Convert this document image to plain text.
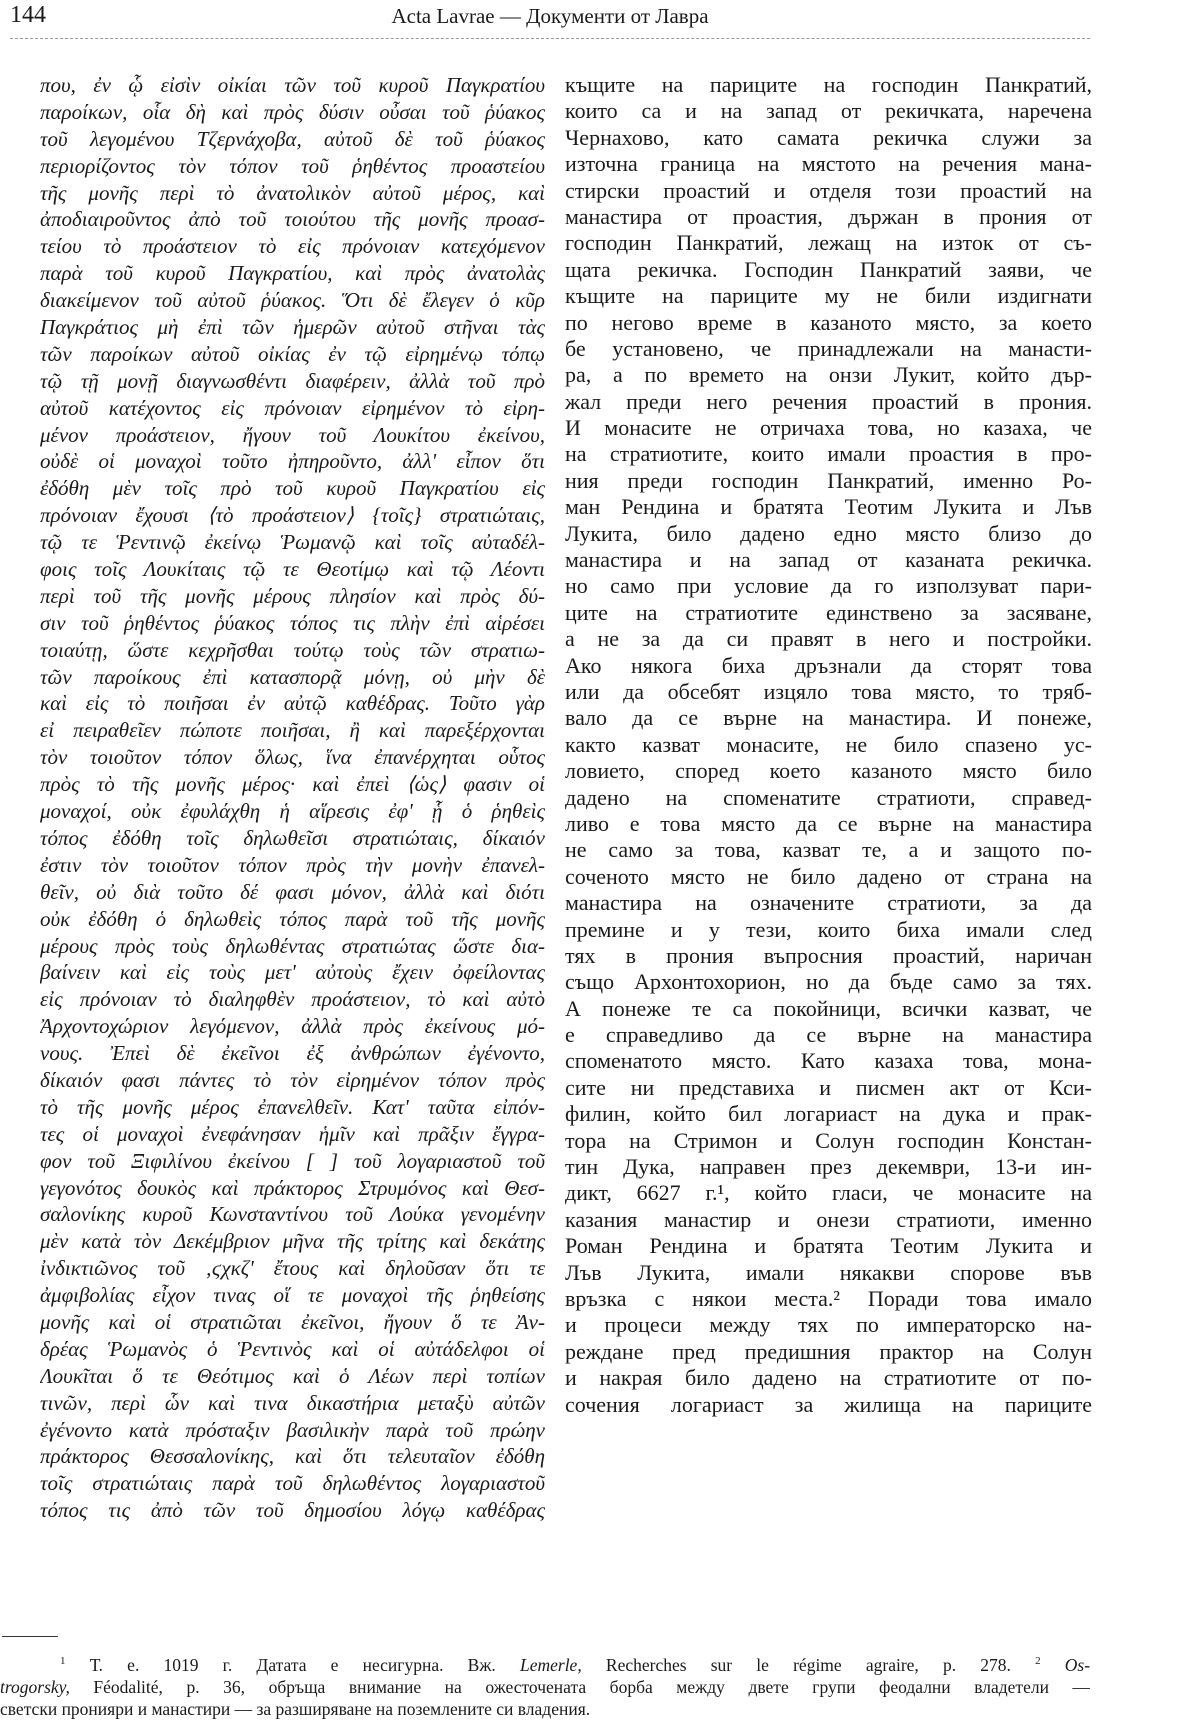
144	Acta Lavrae — Документи от Лавра
που, ἐν ᾧ εἰσὶν οἰκίαι τῶν τοῦ κυροῦ Παγκρατίου
παροίκων, οἷα δὴ καὶ πρὸς δύσιν οὖσαι τοῦ ῥύακος
τοῦ λεγομένου Τζερνάχοβα, αὐτοῦ δὲ τοῦ ῥύακος
περιορίζοντος τὸν τόπον τοῦ ῥηθέντος προαστείου
τῆς μονῆς περὶ τὸ ἀνατολικὸν αὐτοῦ μέρος, καὶ
ἀποδιαιροῦντος ἀπὸ τοῦ τοιούτου τῆς μονῆς προασ-
τείου τὸ προάστειον τὸ εἰς πρόνοιαν κατεχόμενον
παρὰ τοῦ κυροῦ Παγκρατίου, καὶ πρὸς ἀνατολὰς
διακείμενον τοῦ αὐτοῦ ῥύακος. Ὅτι δὲ ἔλεγεν ὁ κῦρ
Παγκράτιος μὴ ἐπὶ τῶν ἡμερῶν αὐτοῦ στῆναι τὰς
τῶν παροίκων αὐτοῦ οἰκίας ἐν τῷ εἰρημένῳ τόπῳ
τῷ τῇ μονῇ διαγνωσθέντι διαφέρειν, ἀλλὰ τοῦ πρὸ
αὐτοῦ κατέχοντος εἰς πρόνοιαν εἰρημένον τὸ εἰρη-
μένον προάστειον, ἤγουν τοῦ Λουκίτου ἐκείνου,
οὐδὲ οἱ μοναχοὶ τοῦτο ἠπηροῦντο, ἀλλ' εἶπον ὅτι
ἐδόθη μὲν τοῖς πρὸ τοῦ κυροῦ Παγκρατίου εἰς
πρόνοιαν ἔχουσι ⟨τὸ προάστειον⟩ {τοῖς} στρατιώταις,
τῷ τε Ῥεντινῷ ἐκείνῳ Ῥωμανῷ καὶ τοῖς αὐταδέλ-
φοις τοῖς Λουκίταις τῷ τε Θεοτίμῳ καὶ τῷ Λέοντι
περὶ τοῦ τῆς μονῆς μέρους πλησίον καὶ πρὸς δύ-
σιν τοῦ ῥηθέντος ῥύακος τόπος τις πλὴν ἐπὶ αἱρέσει
τοιαύτῃ, ὥστε κεχρῆσθαι τούτῳ τοὺς τῶν στρατιω-
τῶν παροίκους ἐπὶ κατασπορᾷ μόνῃ, οὐ μὴν δὲ
καὶ εἰς τὸ ποιῆσαι ἐν αὐτῷ καθέδρας. Τοῦτο γὰρ
εἰ πειραθεῖεν πώποτε ποιῆσαι, ἢ καὶ παρεξέρχονται
τὸν τοιοῦτον τόπον ὅλως, ἵνα ἐπανέρχηται οὗτος
πρὸς τὸ τῆς μονῆς μέρος· καὶ ἐπεὶ ⟨ὡς⟩ φασιν οἱ
μοναχοί, οὐκ ἐφυλάχθη ἡ αἵρεσις ἐφ' ᾗ ὁ ῥηθεὶς
τόπος ἐδόθη τοῖς δηλωθεῖσι στρατιώταις, δίκαιόν
ἐστιν τὸν τοιοῦτον τόπον πρὸς τὴν μονὴν ἐπανελ-
θεῖν, οὐ διὰ τοῦτο δέ φασι μόνον, ἀλλὰ καὶ διότι
οὐκ ἐδόθη ὁ δηλωθεὶς τόπος παρὰ τοῦ τῆς μονῆς
μέρους πρὸς τοὺς δηλωθέντας στρατιώτας ὥστε δια-
βαίνειν καὶ εἰς τοὺς μετ' αὐτοὺς ἔχειν ὀφείλοντας
εἰς πρόνοιαν τὸ διαληφθὲν προάστειον, τὸ καὶ αὐτὸ
Ἀρχοντοχώριον λεγόμενον, ἀλλὰ πρὸς ἐκείνους μό-
νους. Ἐπεὶ δὲ ἐκεῖνοι ἐξ ἀνθρώπων ἐγένοντο,
δίκαιόν φασι πάντες τὸ τὸν εἰρημένον τόπον πρὸς
τὸ τῆς μονῆς μέρος ἐπανελθεῖν. Κατ' ταῦτα εἰπόν-
τες οἱ μοναχοὶ ἐνεφάνησαν ἡμῖν καὶ πρᾶξιν ἔγγρα-
φον τοῦ Ξιφιλίνου ἐκείνου [ ] τοῦ λογαριαστοῦ τοῦ
γεγονότος δουκὸς καὶ πράκτορος Στρυμόνος καὶ Θεσ-
σαλονίκης κυροῦ Κωνσταντίνου τοῦ Λούκα γενομένην
μὲν κατὰ τὸν Δεκέμβριον μῆνα τῆς τρίτης καὶ δεκάτης
ἰνδικτιῶνος τοῦ ‚ϛχκζ' ἔτους καὶ δηλοῦσαν ὅτι τε
ἀμφιβολίας εἶχον τινας οἵ τε μοναχοὶ τῆς ῥηθείσης
μονῆς καὶ οἱ στρατιῶται ἐκεῖνοι, ἤγουν ὅ τε Ἀν-
δρέας Ῥωμανὸς ὁ Ῥεντινὸς καὶ οἱ αὐτάδελφοι οἱ
Λουκῖται ὅ τε Θεότιμος καὶ ὁ Λέων περὶ τοπίων
τινῶν, περὶ ὧν καὶ τινα δικαστήρια μεταξὺ αὐτῶν
ἐγένοντο κατὰ πρόσταξιν βασιλικὴν παρὰ τοῦ πρώην
πράκτορος Θεσσαλονίκης, καὶ ὅτι τελευταῖον ἐδόθη
τοῖς στρατιώταις παρὰ τοῦ δηλωθέντος λογαριαστοῦ
τόπος τις ἀπὸ τῶν τοῦ δημοσίου λόγῳ καθέδρας
къщите на париците на господин Панкратий,
които са и на запад от рекичката, наречена
Чернахово, като самата рекичка служи за
източна граница на мястото на речения мана-
стирски проастий и отделя този проастий на
манастира от проастия, държан в прония от
господин Панкратий, лежащ на изток от съ-
щата рекичка. Господин Панкратий заяви, че
къщите на париците му не били издигнати
по негово време в казаното място, за което
бе установено, че принадлежали на манасти-
ра, а по времето на онзи Лукит, който дър-
жал преди него речения проастий в прония.
И монасите не отричаха това, но казаха, че
на стратиотите, които имали проастия в про-
ния преди господин Панкратий, именно Ро-
ман Рендина и братята Теотим Лукита и Лъв
Лукита, било дадено едно място близо до
манастира и на запад от казаната рекичка.
но само при условие да го използуват пари-
ците на стратиотите единствено за засяване,
а не за да си правят в него и постройки.
Ако някога биха дръзнали да сторят това
или да обсебят изцяло това място, то тряб-
вало да се върне на манастира. И понеже,
както казват монасите, не било спазено ус-
ловието, според което казаното място било
дадено на споменатите стратиоти, справед-
ливо е това място да се върне на манастира
не само за това, казват те, а и защото по-
соченото място не било дадено от страна на
манастира на означените стратиоти, за да
премине и у тези, които биха имали след
тях в прония въпросния проастий, наричан
също Архонтохорион, но да бъде само за тях.
А понеже те са покойници, всички казват, че
е справедливо да се върне на манастира
споменатото място. Като казаха това, мона-
сите ни представиха и писмен акт от Кси-
филин, който бил логариаст на дука и прак-
тора на Стримон и Солун господин Констан-
тин Дука, направен през декември, 13-и ин-
дикт, 6627 г.¹, който гласи, че монасите на
казания манастир и онези стратиоти, именно
Роман Рендина и братята Теотим Лукита и
Лъв Лукита, имали някакви спорове във
връзка с някои места.² Поради това имало
и процеси между тях по императорско на-
реждане пред предишния практор на Солун
и накрая било дадено на стратиотите от по-
сочения логариаст за жилища на париците
$^1$ Т. е. 1019 г. Датата е несигурна. Вж. Lemerle, Recherches sur le régime agraire, p. 278. $^2$ Os-
trogorsky, Féodalité, p. 36, обръща внимание на ожесточената борба между двете групи феодални владетели —
светски пронияри и манастири — за разширяване на поземлените си владения.
